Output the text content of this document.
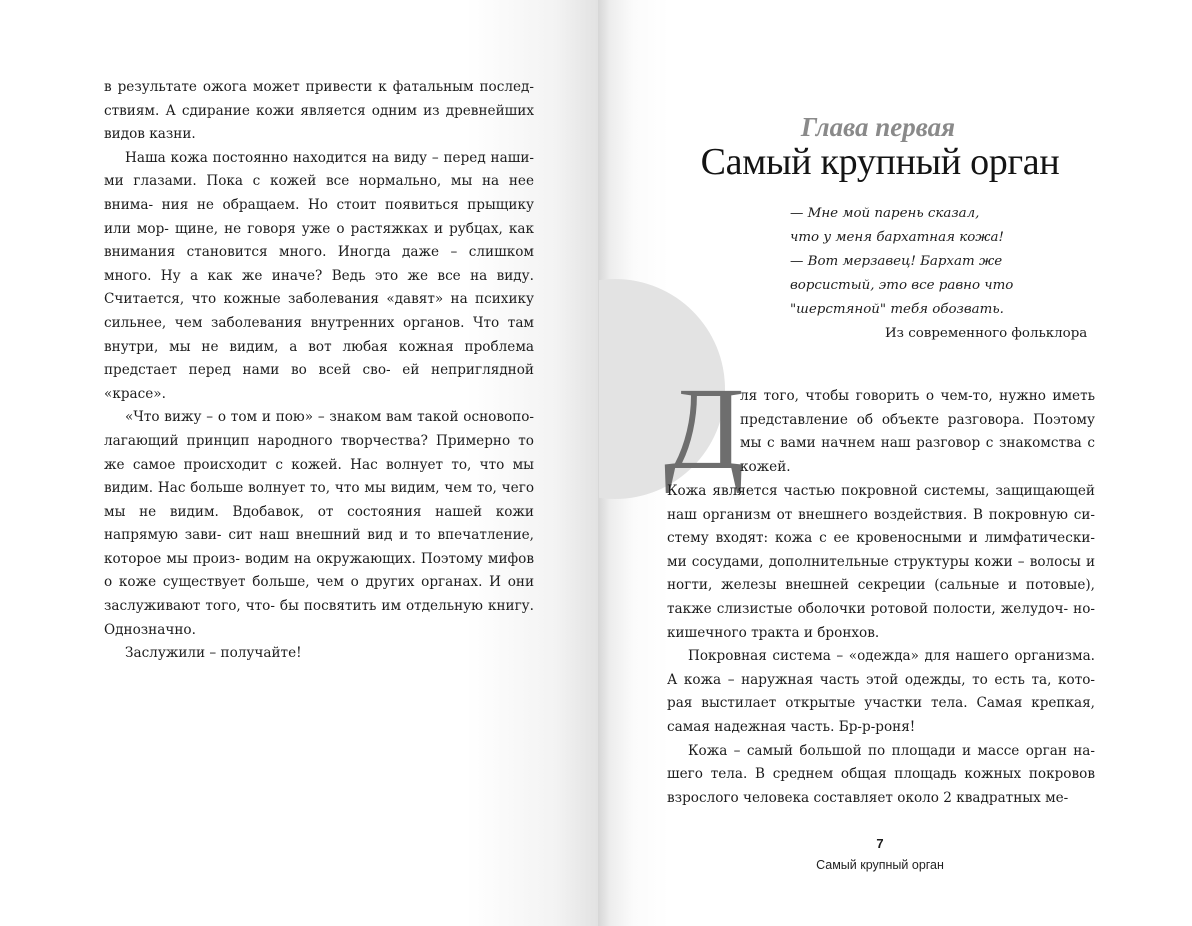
в результате ожога может привести к фатальным послед- ствиям. А сдирание кожи является одним из древнейших видов казни.

Наша кожа постоянно находится на виду – перед наши- ми глазами. Пока с кожей все нормально, мы на нее внима- ния не обращаем. Но стоит появиться прыщику или мор- щине, не говоря уже о растяжках и рубцах, как внимания становится много. Иногда даже – слишком много. Ну а как же иначе? Ведь это же все на виду. Считается, что кожные заболевания «давят» на психику сильнее, чем заболевания внутренних органов. Что там внутри, мы не видим, а вот любая кожная проблема предстает перед нами во всей сво- ей неприглядной «красе».

«Что вижу – о том и пою» – знаком вам такой основопо- лагающий принцип народного творчества? Примерно то же самое происходит с кожей. Нас волнует то, что мы видим. Нас больше волнует то, что мы видим, чем то, чего мы не видим. Вдобавок, от состояния нашей кожи напрямую зави- сит наш внешний вид и то впечатление, которое мы произ- водим на окружающих. Поэтому мифов о коже существует больше, чем о других органах. И они заслуживают того, что- бы посвятить им отдельную книгу. Однозначно.

Заслужили – получайте!

Глава первая
Самый крупный орган
— Мне мой парень сказал,
что у меня бархатная кожа!
— Вот мерзавец! Бархат же
ворсистый, это все равно что
"шерстяной" тебя обозвать.
Из современного фольклора
Д

ля того, чтобы говорить о чем-то, нужно иметь представление об объекте разговора. Поэтому мы с вами начнем наш разговор с знакомства с кожей.

Кожа является частью покровной системы, защищающей наш организм от внешнего воздействия. В покровную си- стему входят: кожа с ее кровеносными и лимфатически- ми сосудами, дополнительные структуры кожи – волосы и ногти, железы внешней секреции (сальные и потовые), также слизистые оболочки ротовой полости, желудоч- но-кишечного тракта и бронхов.

Покровная система – «одежда» для нашего организма. А кожа – наружная часть этой одежды, то есть та, кото- рая выстилает открытые участки тела. Самая крепкая, самая надежная часть. Бр-р-роня!

Кожа – самый большой по площади и массе орган на- шего тела. В среднем общая площадь кожных покровов взрослого человека составляет около 2 квадратных ме-

7
Самый крупный орган
